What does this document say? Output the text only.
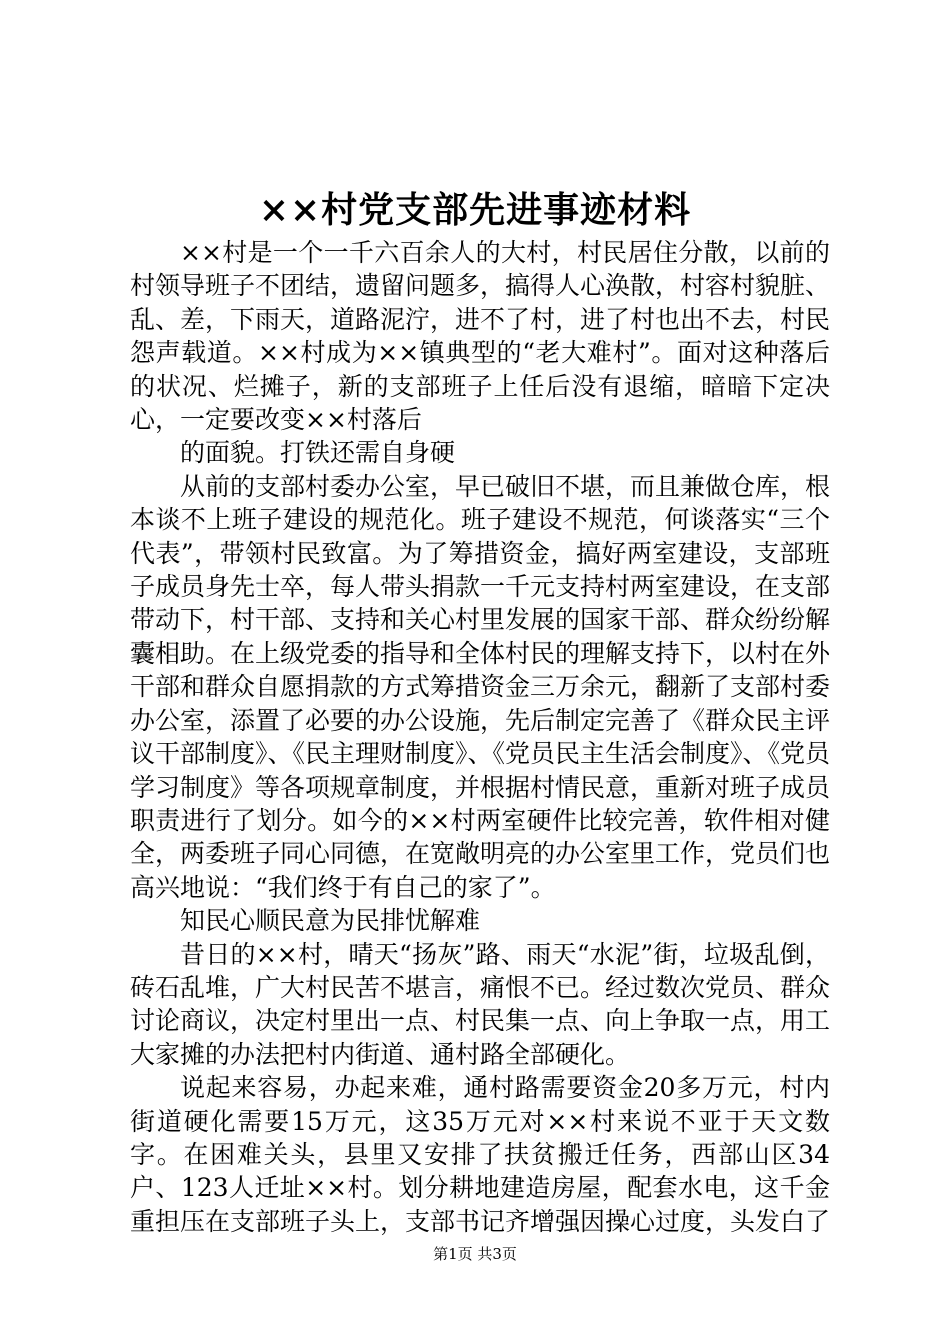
××村党支部先进事迹材料

××村是一个一千六百余人的大村，村民居住分散，以前的村领导班子不团结，遗留问题多，搞得人心涣散，村容村貌脏、乱、差，下雨天，道路泥泞，进不了村，进了村也出不去，村民怨声载道。××村成为××镇典型的“老大难村”。面对这种落后的状况、烂摊子，新的支部班子上任后没有退缩，暗暗下定决心，一定要改变××村落后

的面貌。打铁还需自身硬

从前的支部村委办公室，早已破旧不堪，而且兼做仓库，根本谈不上班子建设的规范化。班子建设不规范，何谈落实“三个代表”，带领村民致富。为了筹措资金，搞好两室建设，支部班子成员身先士卒，每人带头捐款一千元支持村两室建设，在支部带动下，村干部、支持和关心村里发展的国家干部、群众纷纷解囊相助。在上级党委的指导和全体村民的理解支持下，以村在外干部和群众自愿捐款的方式筹措资金三万余元，翻新了支部村委办公室，添置了必要的办公设施，先后制定完善了《群众民主评议干部制度》、《民主理财制度》、《党员民主生活会制度》、《党员学习制度》等各项规章制度，并根据村情民意，重新对班子成员职责进行了划分。如今的××村两室硬件比较完善，软件相对健全，两委班子同心同德，在宽敞明亮的办公室里工作，党员们也高兴地说：“我们终于有自己的家了”。

知民心顺民意为民排忧解难

昔日的××村，晴天“扬灰”路、雨天“水泥”街，垃圾乱倒，砖石乱堆，广大村民苦不堪言，痛恨不已。经过数次党员、群众讨论商议，决定村里出一点、村民集一点、向上争取一点，用工大家摊的办法把村内街道、通村路全部硬化。

说起来容易，办起来难，通村路需要资金20多万元，村内街道硬化需要15万元，这35万元对××村来说不亚于天文数字。在困难关头，县里又安排了扶贫搬迁任务，西部山区34户、123人迁址××村。划分耕地建造房屋，配套水电，这千金重担压在支部班子头上，支部书记齐增强因操心过度，头发白了

第1页 共3页
